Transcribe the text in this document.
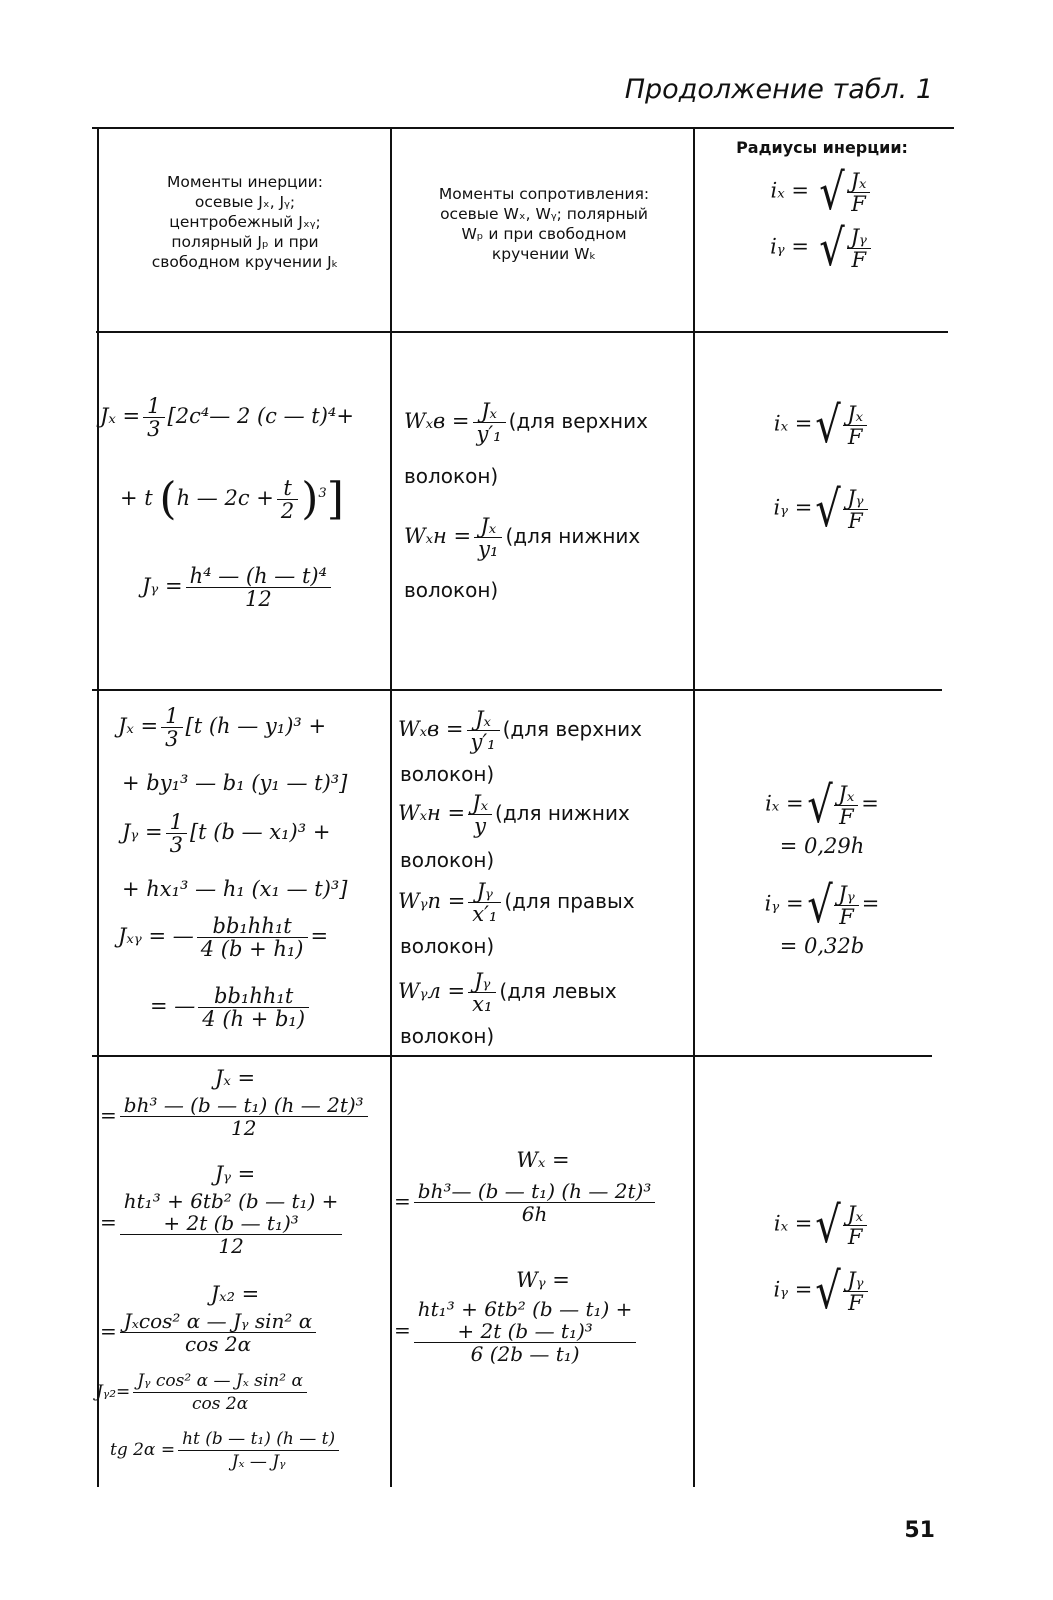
Продолжение табл. 1
Моменты инерции:
осевые Jₓ, Jᵧ;
центробежный Jₓᵧ;
полярный Jₚ и при
свободном кручении Jₖ
Моменты сопротивления:
осевые Wₓ, Wᵧ; полярный
Wₚ и при свободном
кручении Wₖ
Радиусы инерции:
iₓ = √ $\frac{\text{Jₓ}}{F}$
iᵧ = √ $\frac{\text{Jᵧ}}{F}$
$J_x = \frac{1}{3}$ [2c⁴— 2 (c — t)⁴+
+ t (h — $2c + \frac{t}{2} )^3$]
Jᵧ = $\frac{\text{h⁴ — (h — t)⁴}}{12}$
$W_xв = \frac{\text{Jₓ}}{\text{y′₁}} (для$ верхних
волокон)
$W_xн = \frac{\text{Jₓ}}{\text{y₁}} (для$ нижних
волокон)
iₓ =√ $\frac{\text{Jₓ}}{F}$
iᵧ =√ $\frac{\text{Jᵧ}}{F}$
$J_x = \frac{1}{3} [t$ (h — y₁)³ +
+ by₁³ — b₁ (y₁ — t)³]
Jᵧ = $\frac{1}{3} [t$ (b — x₁)³ +
+ hx₁³ — h₁ (x₁ — t)³]
Jₓᵧ = — $\frac{\text{bb₁hh₁t}}{\text{4 (b + h₁)}}$ =
= — $\frac{\text{bb₁hh₁t}}{\text{4 (h + b₁)}}$
$W_xв = \frac{\text{Jₓ}}{\text{y′₁}} (для$ верхних
волокон)
$W_xн = \frac{\text{Jₓ}}{y} (для$ нижних
волокон)
Wᵧп = $\frac{\text{Jᵧ}}{\text{x′₁}} (для$ правых
волокон)
Wᵧл = $\frac{\text{Jᵧ}}{\text{x₁}} (для$ левых
волокон)
iₓ =√ $\frac{\text{Jₓ}}{F}$ =
= 0,29h
iᵧ =√ $\frac{\text{Jᵧ}}{F}$ =
= 0,32b
Jₓ =
= $\frac{\text{bh³ — (b — t₁) (h — 2t)³}}{12}$
Jᵧ =
=
ht₁³ + 6tb² (b — t₁) +
+ 2t (b — t₁)³
12
Jₓ₂ =
= $\frac{\text{Jₓcos² α — Jᵧ sin² α}}{\cos 2\alpha}$
Jᵧ₂= $\frac{\text{Jᵧ cos² α — Jₓ sin² α}}{\cos 2\alpha}$
tg $2\alpha = \frac{\text{ht (b — t₁) (h — t)}}{\text{Jₓ — Jᵧ}}$
Wₓ =
= $\frac{\text{bh³— (b — t₁) (h — 2t)³}}{6h}$
Wᵧ =
=
ht₁³ + 6tb² (b — t₁) +
+ 2t (b — t₁)³
6 (2b — t₁)
iₓ =√ $\frac{\text{Jₓ}}{F}$
iᵧ =√ $\frac{\text{Jᵧ}}{F}$
51
